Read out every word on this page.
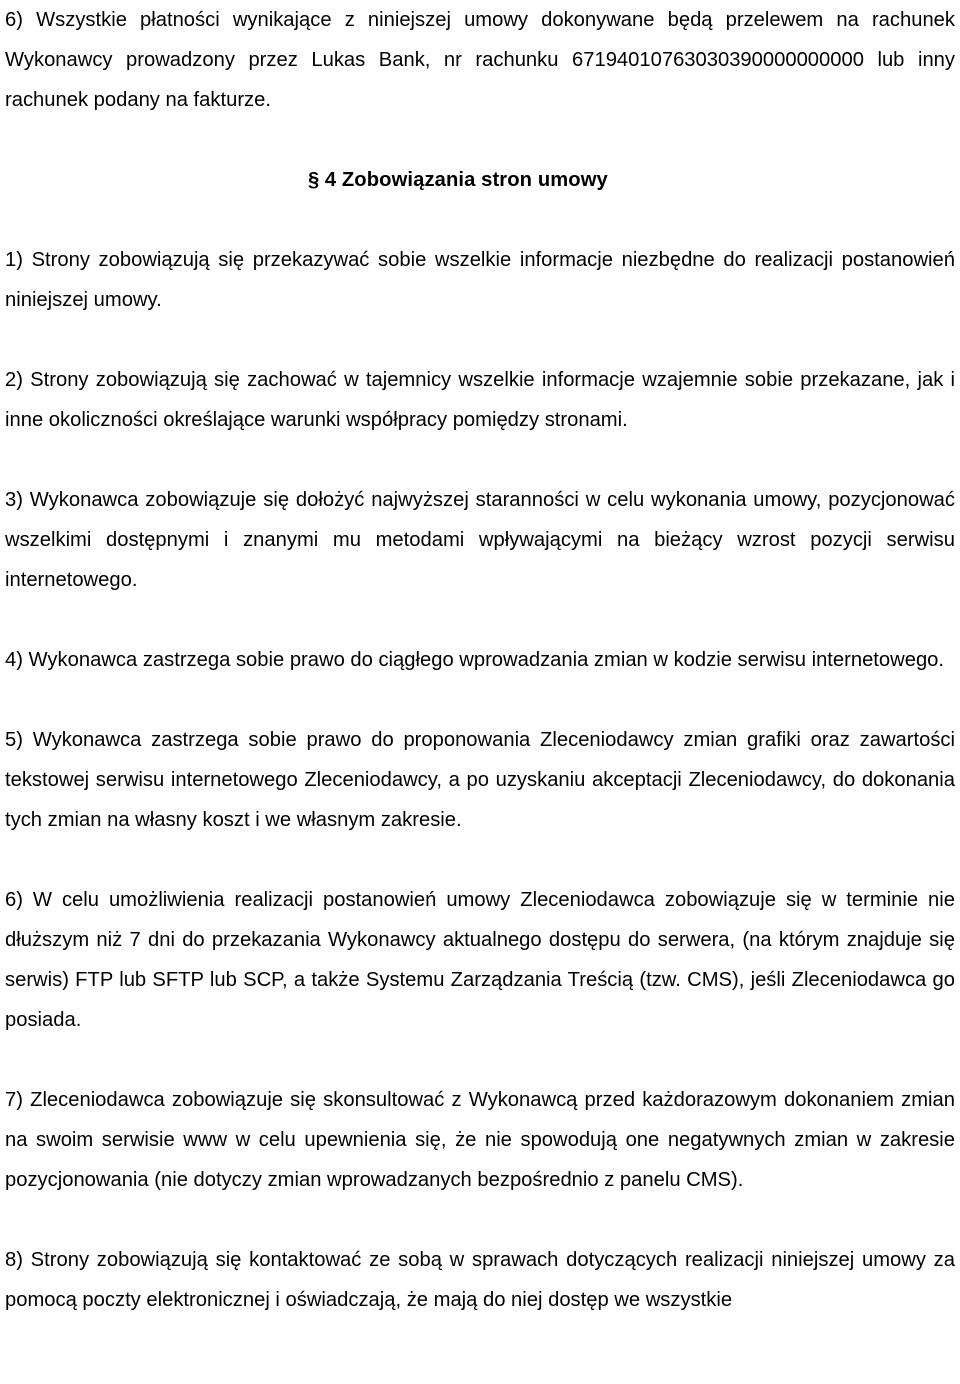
6) Wszystkie płatności wynikające z niniejszej umowy dokonywane będą przelewem na rachunek Wykonawcy prowadzony przez Lukas Bank, nr rachunku 67194010763030390000000000 lub inny rachunek podany na fakturze.

§ 4 Zobowiązania stron umowy

1) Strony zobowiązują się przekazywać sobie wszelkie informacje niezbędne do realizacji postanowień niniejszej umowy.

2) Strony zobowiązują się zachować w tajemnicy wszelkie informacje wzajemnie sobie przekazane, jak i inne okoliczności określające warunki współpracy pomiędzy stronami.

3) Wykonawca zobowiązuje się dołożyć najwyższej staranności w celu wykonania umowy, pozycjonować wszelkimi dostępnymi i znanymi mu metodami wpływającymi na bieżący wzrost pozycji serwisu internetowego.

4) Wykonawca zastrzega sobie prawo do ciągłego wprowadzania zmian w kodzie serwisu internetowego.

5) Wykonawca zastrzega sobie prawo do proponowania Zleceniodawcy zmian grafiki oraz zawartości tekstowej serwisu internetowego Zleceniodawcy, a po uzyskaniu akceptacji Zleceniodawcy, do dokonania tych zmian na własny koszt i we własnym zakresie.

6) W celu umożliwienia realizacji postanowień umowy Zleceniodawca zobowiązuje się w terminie nie dłuższym niż 7 dni do przekazania Wykonawcy aktualnego dostępu do serwera, (na którym znajduje się serwis) FTP lub SFTP lub SCP, a także Systemu Zarządzania Treścią (tzw. CMS), jeśli Zleceniodawca go posiada.

7) Zleceniodawca zobowiązuje się skonsultować z Wykonawcą przed każdorazowym dokonaniem zmian na swoim serwisie www w celu upewnienia się, że nie spowodują one negatywnych zmian w zakresie pozycjonowania (nie dotyczy zmian wprowadzanych bezpośrednio z panelu CMS).

8) Strony zobowiązują się kontaktować ze sobą w sprawach dotyczących realizacji niniejszej umowy za pomocą poczty elektronicznej i oświadczają, że mają do niej dostęp we wszystkie
